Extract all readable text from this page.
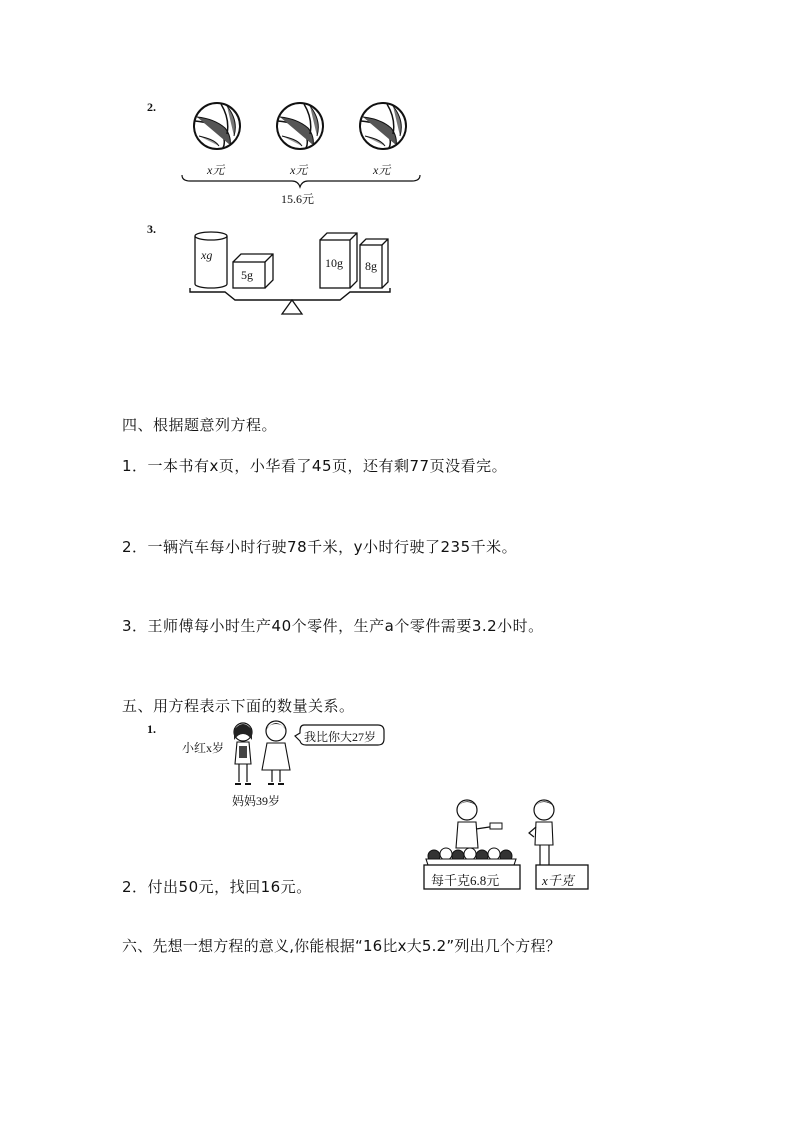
2.
x元	x元	x元
15.6元
3.
xg
5g
10g 8g
四、根据题意列方程。
1．一本书有x页，小华看了45页，还有剩77页没看完。
2．一辆汽车每小时行驶78千米，y小时行驶了235千米。
3．王师傅每小时生产40个零件，生产a个零件需要3.2小时。
五、用方程表示下面的数量关系。
1.
小红x岁
妈妈39岁
我比你大27岁
每千克6.8元	x千克
2．付出50元，找回16元。
六、先想一想方程的意义,你能根据“16比x大5.2”列出几个方程？
